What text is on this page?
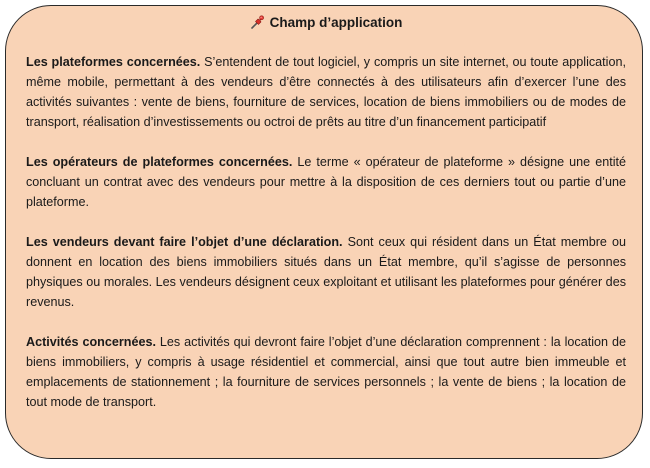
Champ d’application

Les plateformes concernées. S’entendent de tout logiciel, y compris un site internet, ou toute application, même mobile, permettant à des vendeurs d’être connectés à des utilisateurs afin d’exercer l’une des activités suivantes : vente de biens, fourniture de services, location de biens immobiliers ou de modes de transport, réalisation d’investissements ou octroi de prêts au titre d’un financement participatif

Les opérateurs de plateformes concernées. Le terme « opérateur de plateforme » désigne une entité concluant un contrat avec des vendeurs pour mettre à la disposition de ces derniers tout ou partie d’une plateforme.

Les vendeurs devant faire l’objet d’une déclaration. Sont ceux qui résident dans un État membre ou donnent en location des biens immobiliers situés dans un État membre, qu’il s’agisse de personnes physiques ou morales. Les vendeurs désignent ceux exploitant et utilisant les plateformes pour générer des revenus.

Activités concernées. Les activités qui devront faire l’objet d’une déclaration comprennent : la location de biens immobiliers, y compris à usage résidentiel et commercial, ainsi que tout autre bien immeuble et emplacements de stationnement ; la fourniture de services personnels ; la vente de biens ; la location de tout mode de transport.
